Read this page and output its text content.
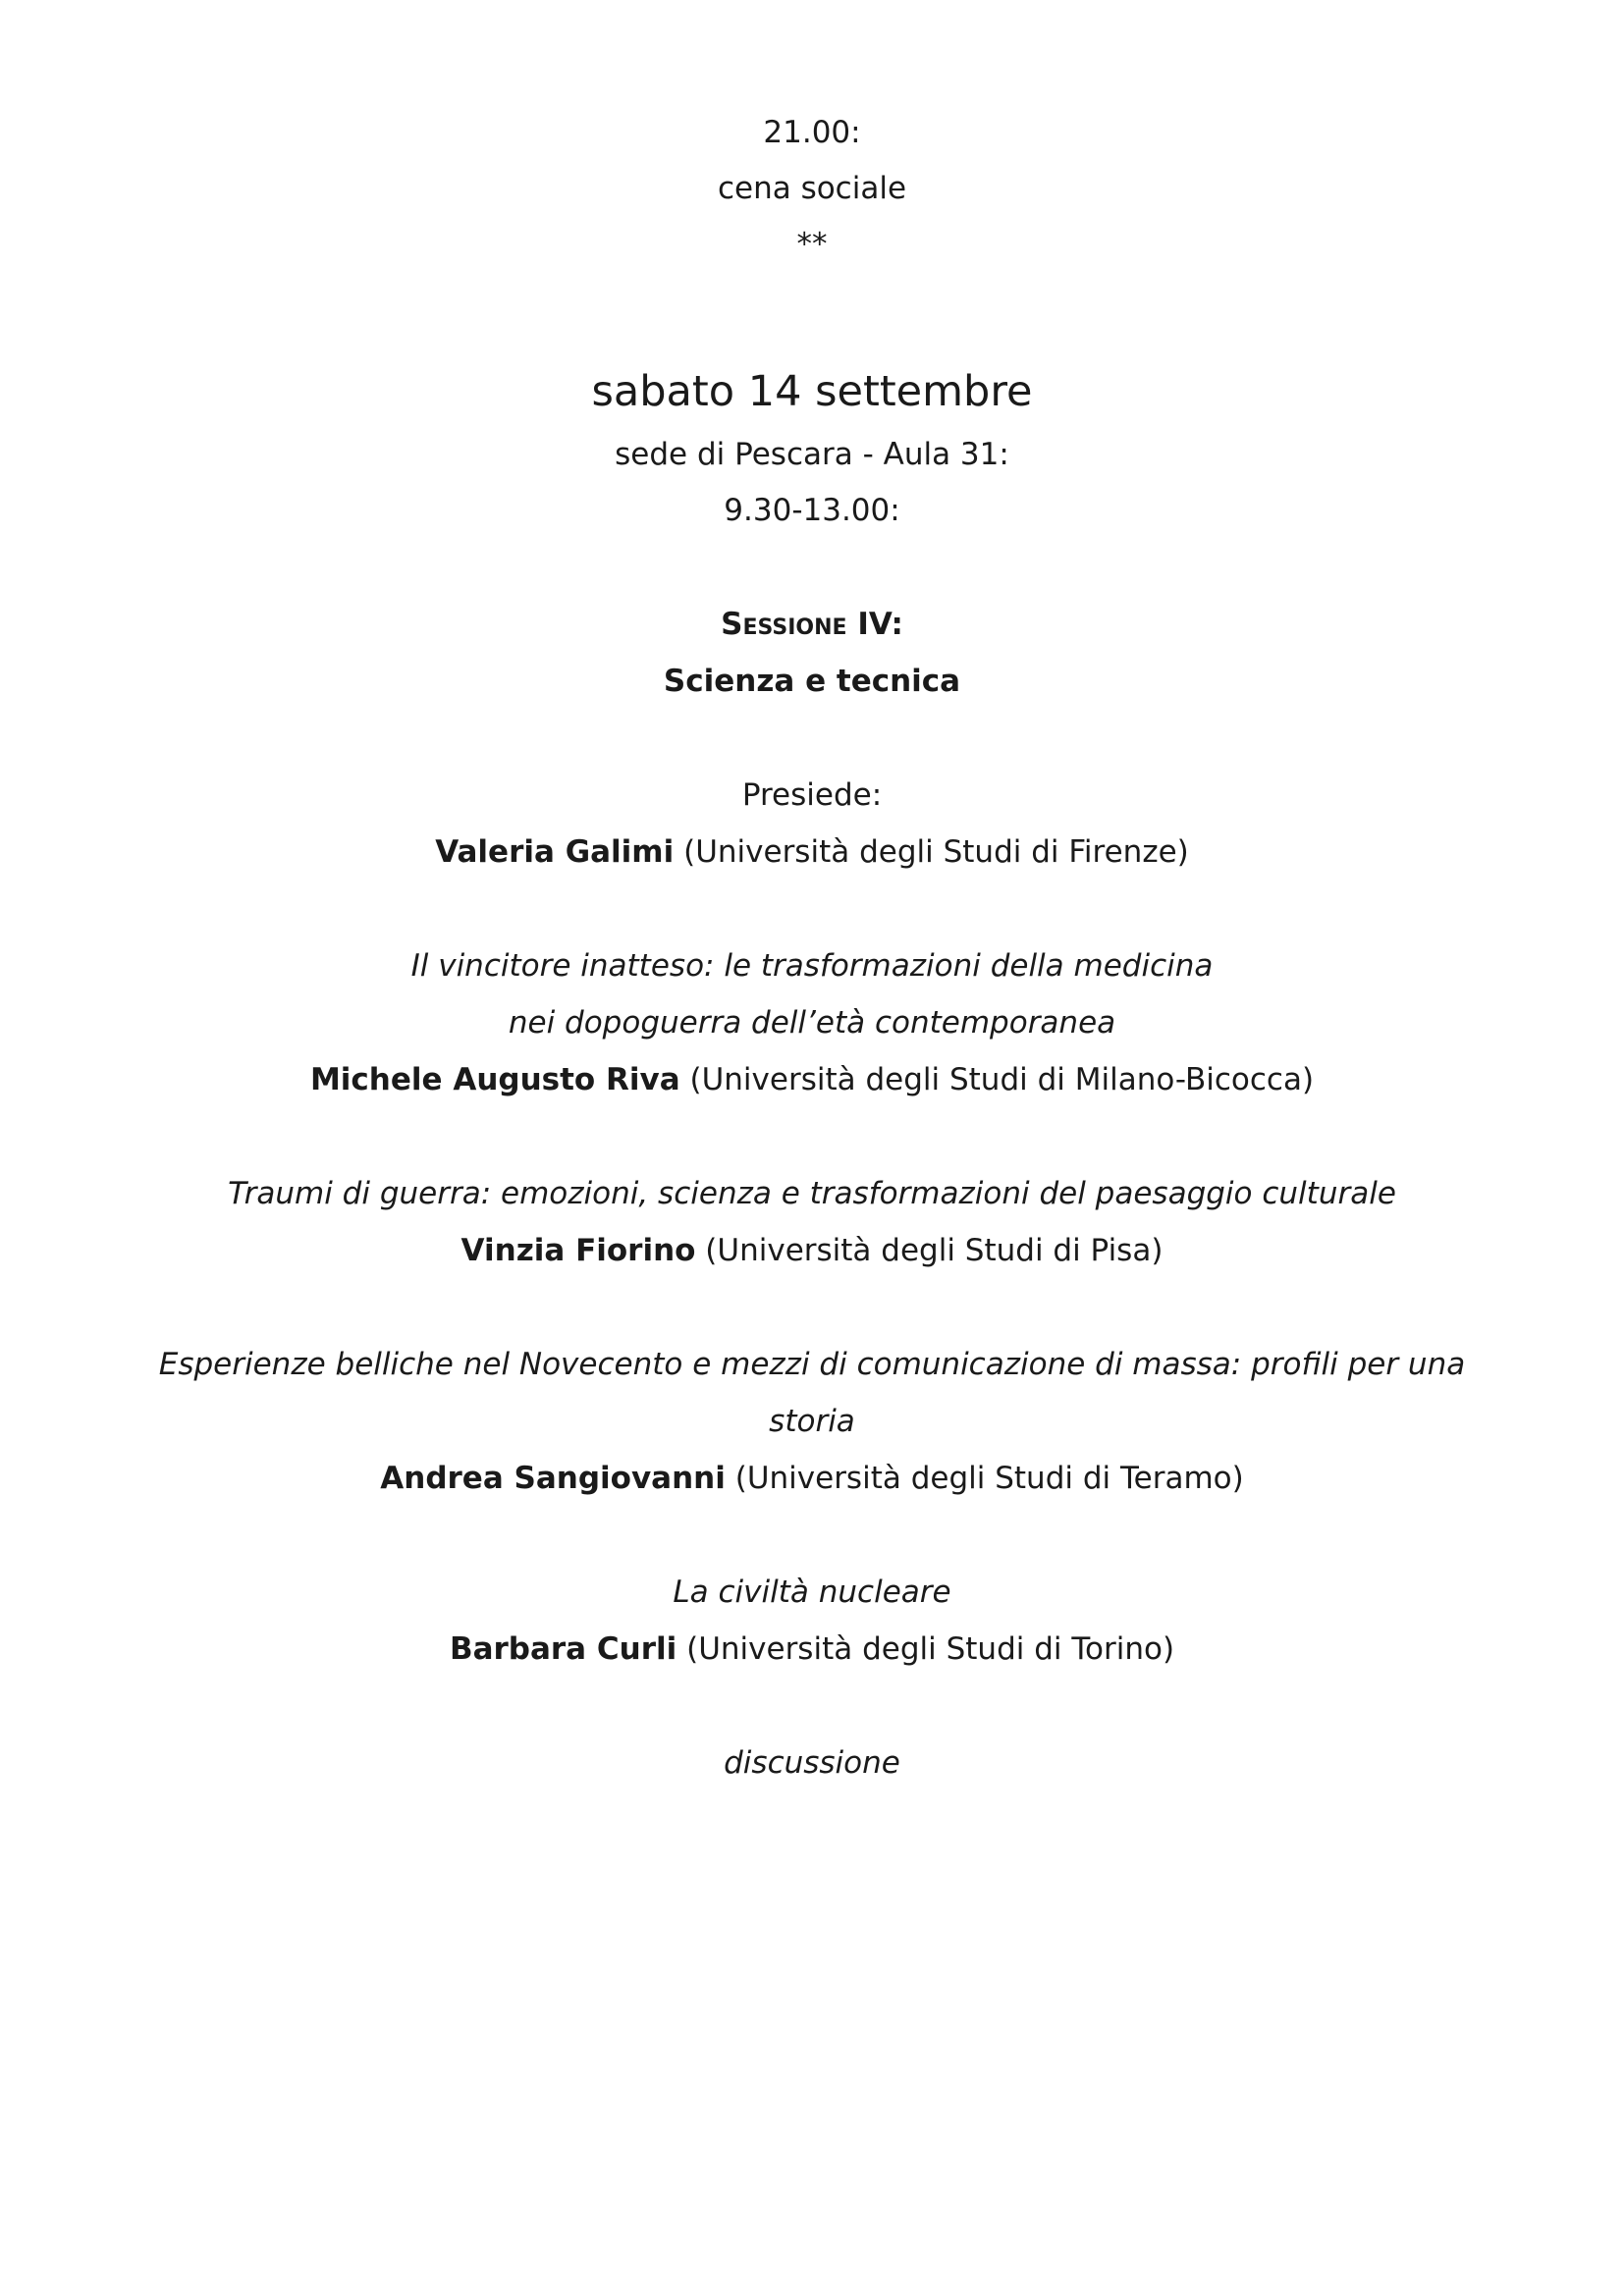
21.00:
cena sociale
**
sabato 14 settembre
sede di Pescara - Aula 31:
9.30-13.00:
Sessione IV:
Scienza e tecnica
Presiede:
Valeria Galimi (Università degli Studi di Firenze)
Il vincitore inatteso: le trasformazioni della medicina
nei dopoguerra dell’età contemporanea
Michele Augusto Riva (Università degli Studi di Milano-Bicocca)
Traumi di guerra: emozioni, scienza e trasformazioni del paesaggio culturale
Vinzia Fiorino (Università degli Studi di Pisa)
Esperienze belliche nel Novecento e mezzi di comunicazione di massa: profili per una
storia
Andrea Sangiovanni (Università degli Studi di Teramo)
La civiltà nucleare
Barbara Curli (Università degli Studi di Torino)
discussione
